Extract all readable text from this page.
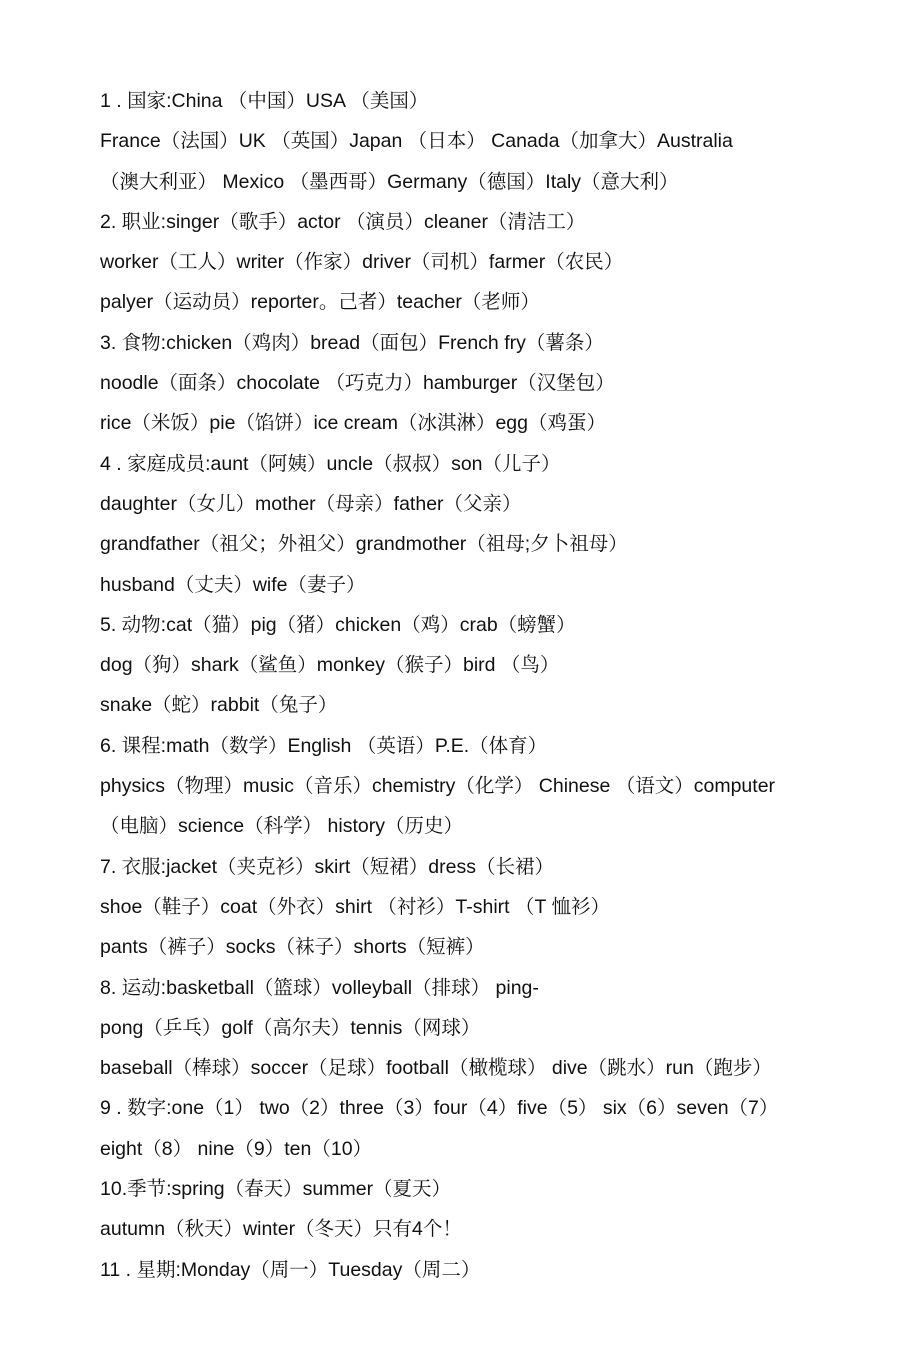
1 . 国家:China （中国）USA （美国）
France（法国）UK （英国）Japan （日本） Canada（加拿大）Australia
（澳大利亚） Mexico （墨西哥）Germany（德国）Italy（意大利）
2. 职业:singer（歌手）actor （演员）cleaner（清洁工）
worker（工人）writer（作家）driver（司机）farmer（农民）
palyer（运动员）reporter。己者）teacher（老师）
3. 食物:chicken（鸡肉）bread（面包）French fry（薯条）
noodle（面条）chocolate （巧克力）hamburger（汉堡包）
rice（米饭）pie（馅饼）ice cream（冰淇淋）egg（鸡蛋）
4 . 家庭成员:aunt（阿姨）uncle（叔叔）son（儿子）
daughter（女儿）mother（母亲）father（父亲）
grandfather（祖父；外祖父）grandmother（祖母;夕卜祖母）
husband（丈夫）wife（妻子）
5. 动物:cat（猫）pig（猪）chicken（鸡）crab（螃蟹）
dog（狗）shark（鲨鱼）monkey（猴子）bird （鸟）
snake（蛇）rabbit（兔子）
6. 课程:math（数学）English （英语）P.E.（体育）
physics（物理）music（音乐）chemistry（化学） Chinese （语文）computer
（电脑）science（科学） history（历史）
7. 衣服:jacket（夹克衫）skirt（短裙）dress（长裙）
shoe（鞋子）coat（外衣）shirt （衬衫）T-shirt （T 恤衫）
pants（裤子）socks（袜子）shorts（短裤）
8. 运动:basketball（篮球）volleyball（排球） ping-
pong（乒乓）golf（高尔夫）tennis（网球）
baseball（棒球）soccer（足球）football（橄榄球） dive（跳水）run（跑步）
9 . 数字:one（1） two（2）three（3）four（4）five（5） six（6）seven（7）
eight（8） nine（9）ten（10）
10.季节:spring（春天）summer（夏天）
autumn（秋天）winter（冬天）只有4个！
11 . 星期:Monday（周一）Tuesday（周二）
